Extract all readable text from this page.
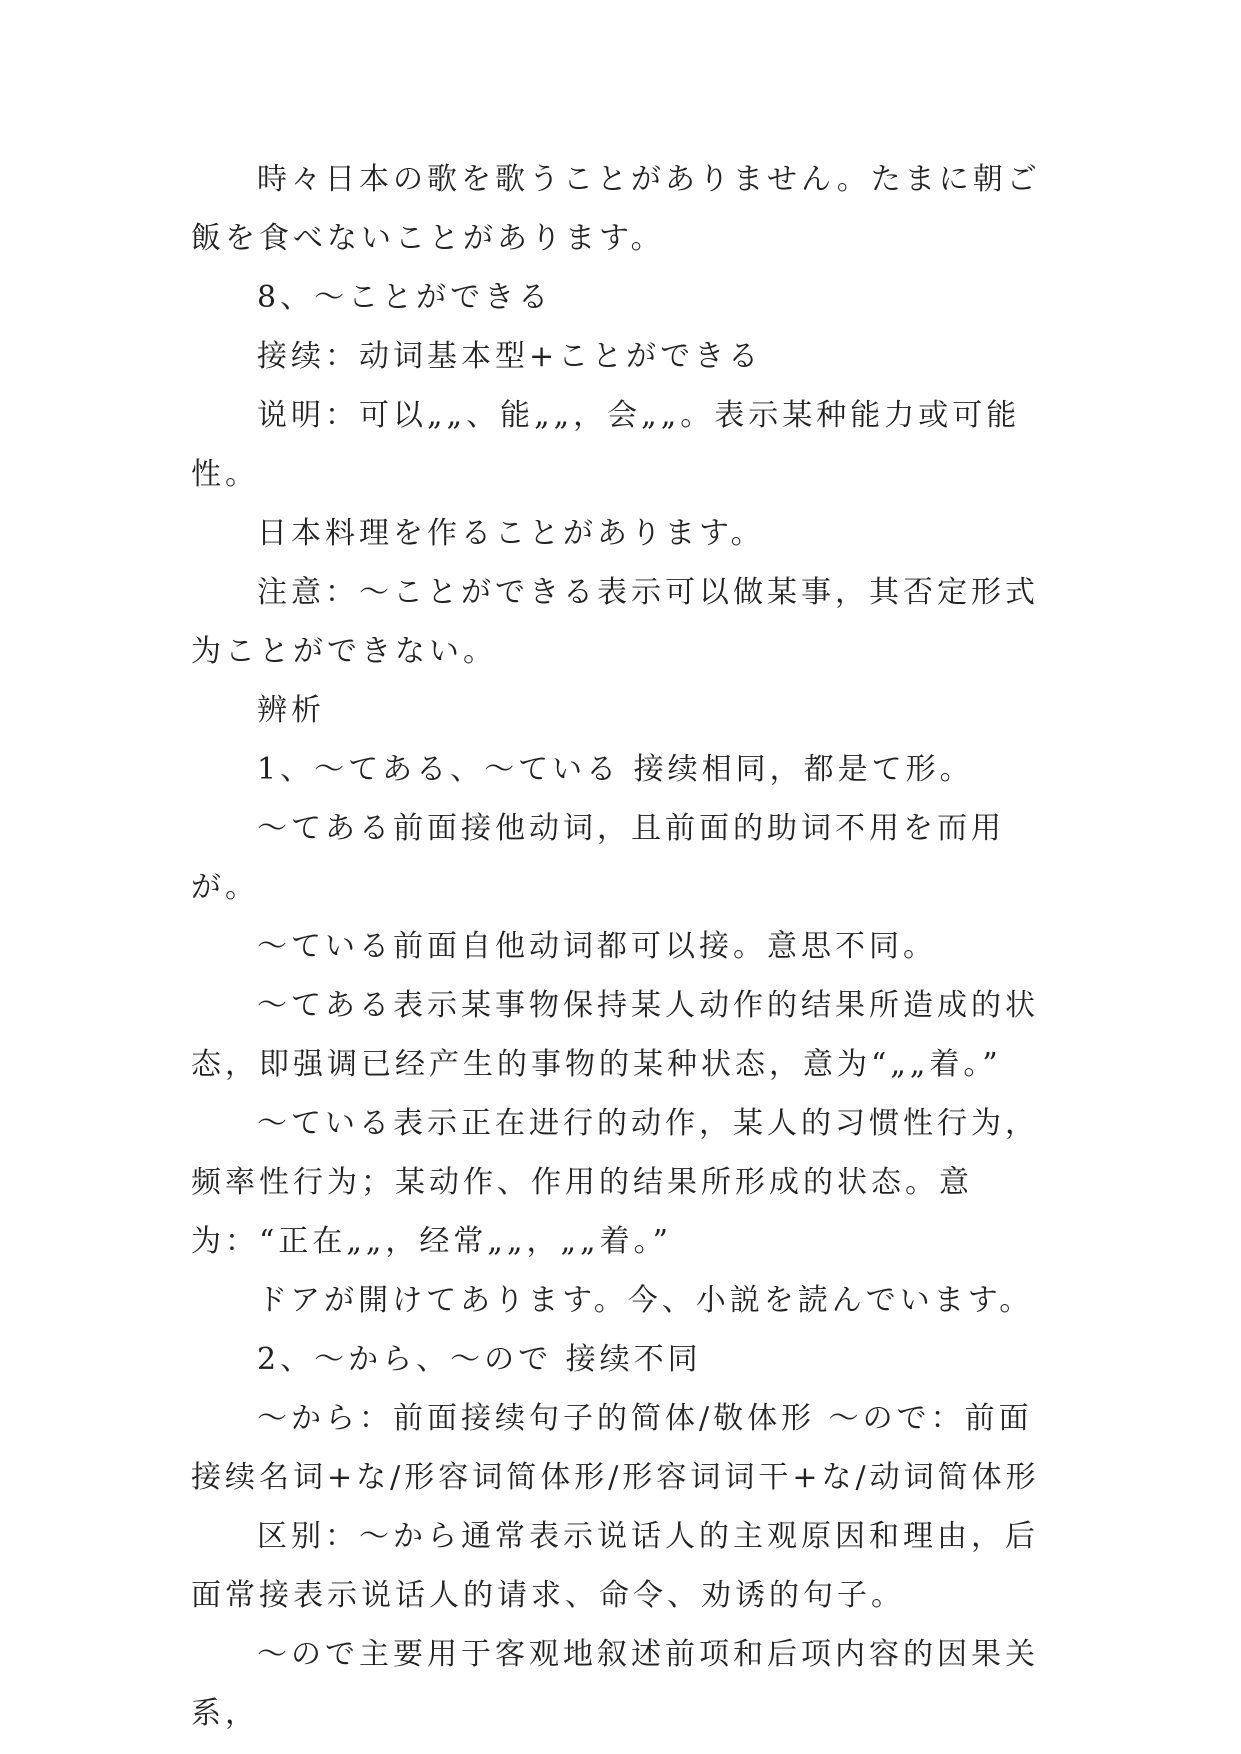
時々日本の歌を歌うことがありません。たまに朝ご飯を食べないことがあります。

8、～ことができる

接续：动词基本型+ことができる

说明：可以„„、能„„，会„„。表示某种能力或可能性。

日本料理を作ることがあります。

注意：～ことができる表示可以做某事，其否定形式为ことができない。

辨析

1、～てある、～ている 接续相同，都是て形。

～てある前面接他动词，且前面的助词不用を而用が。

～ている前面自他动词都可以接。意思不同。

～てある表示某事物保持某人动作的结果所造成的状态，即强调已经产生的事物的某种状态，意为“„„着。”

～ている表示正在进行的动作，某人的习惯性行为，频率性行为；某动作、作用的结果所形成的状态。意为：“正在„„，经常„„，„„着。”

ドアが開けてあります。今、小説を読んでいます。

2、～から、～ので 接续不同

～から：前面接续句子的简体/敬体形 ～ので：前面接续名词+な/形容词简体形/形容词词干+な/动词简体形

区别：～から通常表示说话人的主观原因和理由，后面常接表示说话人的请求、命令、劝诱的句子。

～ので主要用于客观地叙述前项和后项内容的因果关系，
